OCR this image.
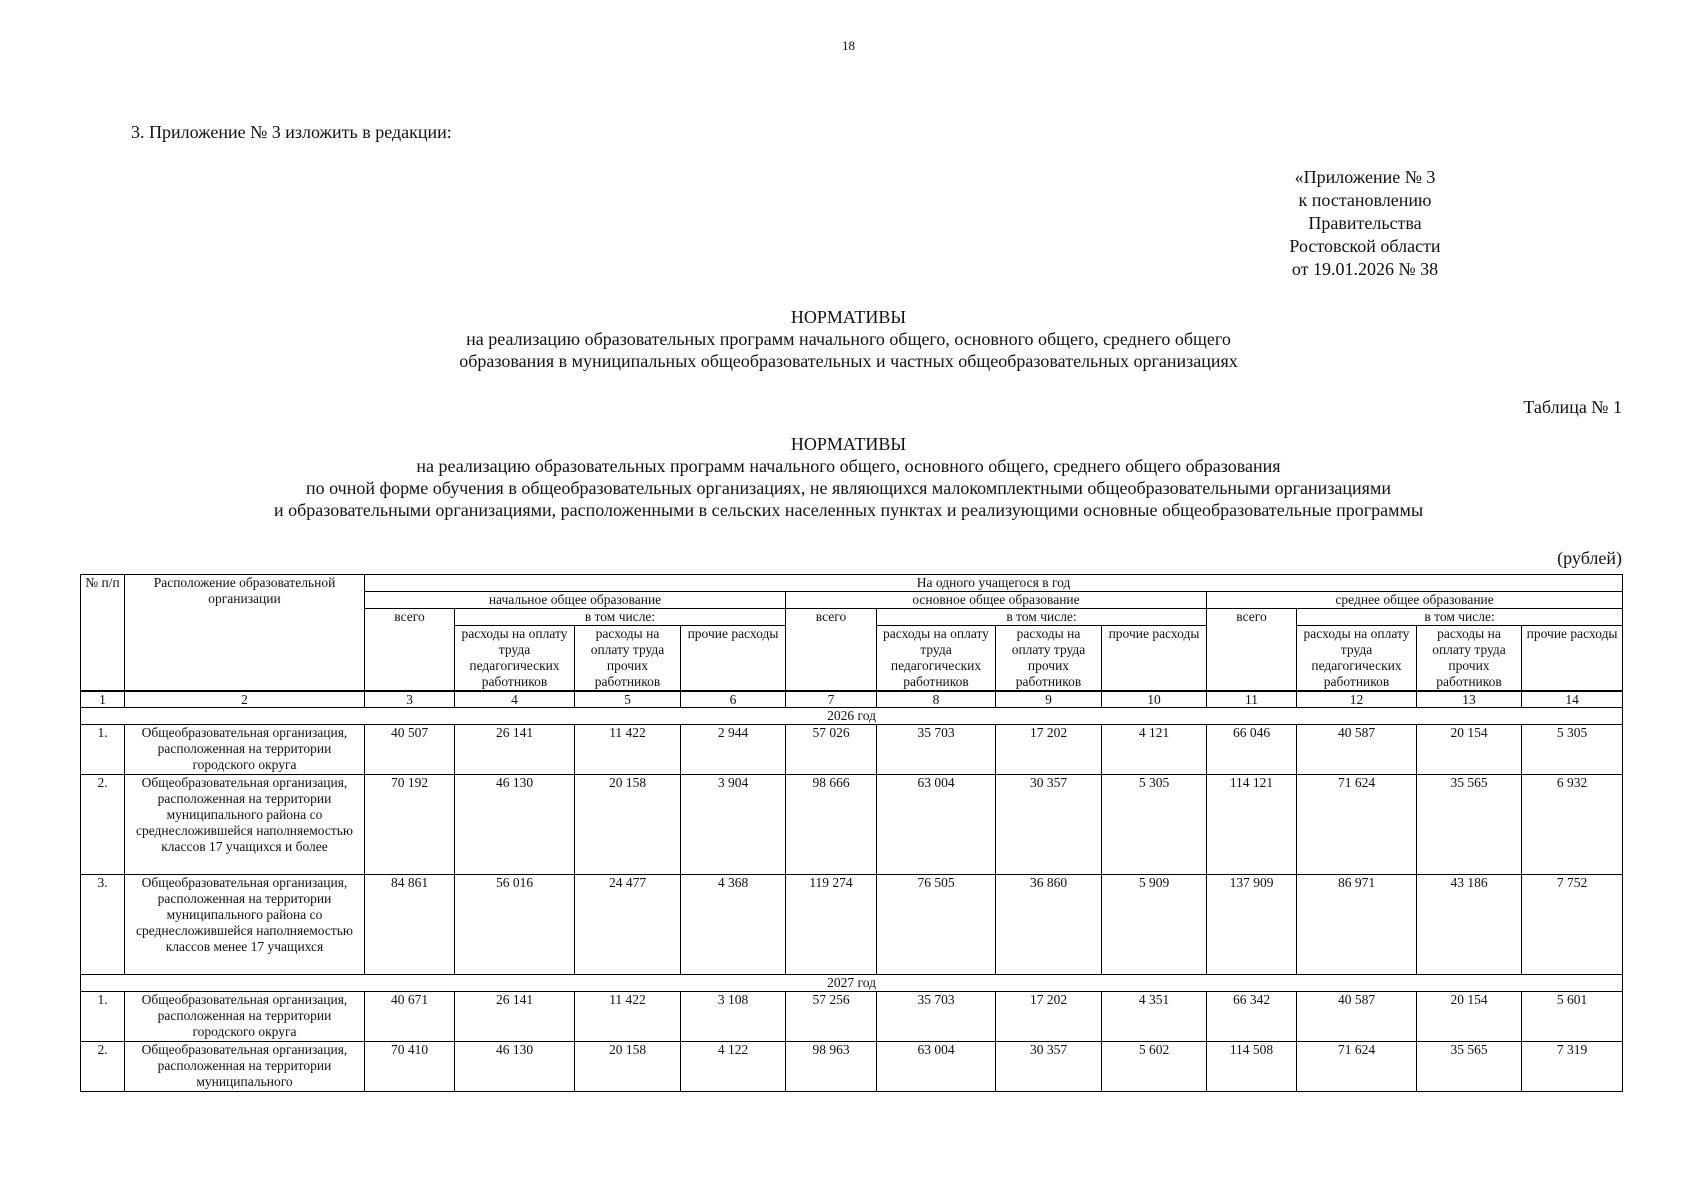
18
3. Приложение № 3 изложить в редакции:
«Приложение № 3
к постановлению
Правительства
Ростовской области
от 19.01.2026 № 38
НОРМАТИВЫ
на реализацию образовательных программ начального общего, основного общего, среднего общего
образования в муниципальных общеобразовательных и частных общеобразовательных организациях
Таблица № 1
НОРМАТИВЫ
на реализацию образовательных программ начального общего, основного общего, среднего общего образования
по очной форме обучения в общеобразовательных организациях, не являющихся малокомплектными общеобразовательными организациями
и образовательными организациями, расположенными в сельских населенных пунктах и реализующими основные общеобразовательные программы
(рублей)
№ п/п	Расположение образовательной организации	На одного учащегося в год											
		начальное общее образование				основное общее образование				среднее общее образование			
		всего	в том числе:			всего	в том числе:			всего	в том числе:		
			расходы на оплату труда педагогических работников	расходы на оплату труда прочих работников	прочие расходы		расходы на оплату труда педагогических работников	расходы на оплату труда прочих работников	прочие расходы		расходы на оплату труда педагогических работников	расходы на оплату труда прочих работников	прочие расходы
1	2	3	4	5	6	7	8	9	10	11	12	13	14
2026 год													
1.	Общеобразовательная организация, расположенная на территории городского округа	40 507	26 141	11 422	2 944	57 026	35 703	17 202	4 121	66 046	40 587	20 154	5 305
2.	Общеобразовательная организация, расположенная на территории муниципального района со среднесложившейся наполняемостью классов 17 учащихся и более	70 192	46 130	20 158	3 904	98 666	63 004	30 357	5 305	114 121	71 624	35 565	6 932
3.	Общеобразовательная организация, расположенная на территории муниципального района со среднесложившейся наполняемостью классов менее 17 учащихся	84 861	56 016	24 477	4 368	119 274	76 505	36 860	5 909	137 909	86 971	43 186	7 752
2027 год													
1.	Общеобразовательная организация, расположенная на территории городского округа	40 671	26 141	11 422	3 108	57 256	35 703	17 202	4 351	66 342	40 587	20 154	5 601
2.	Общеобразовательная организация, расположенная на территории муниципального	70 410	46 130	20 158	4 122	98 963	63 004	30 357	5 602	114 508	71 624	35 565	7 319
